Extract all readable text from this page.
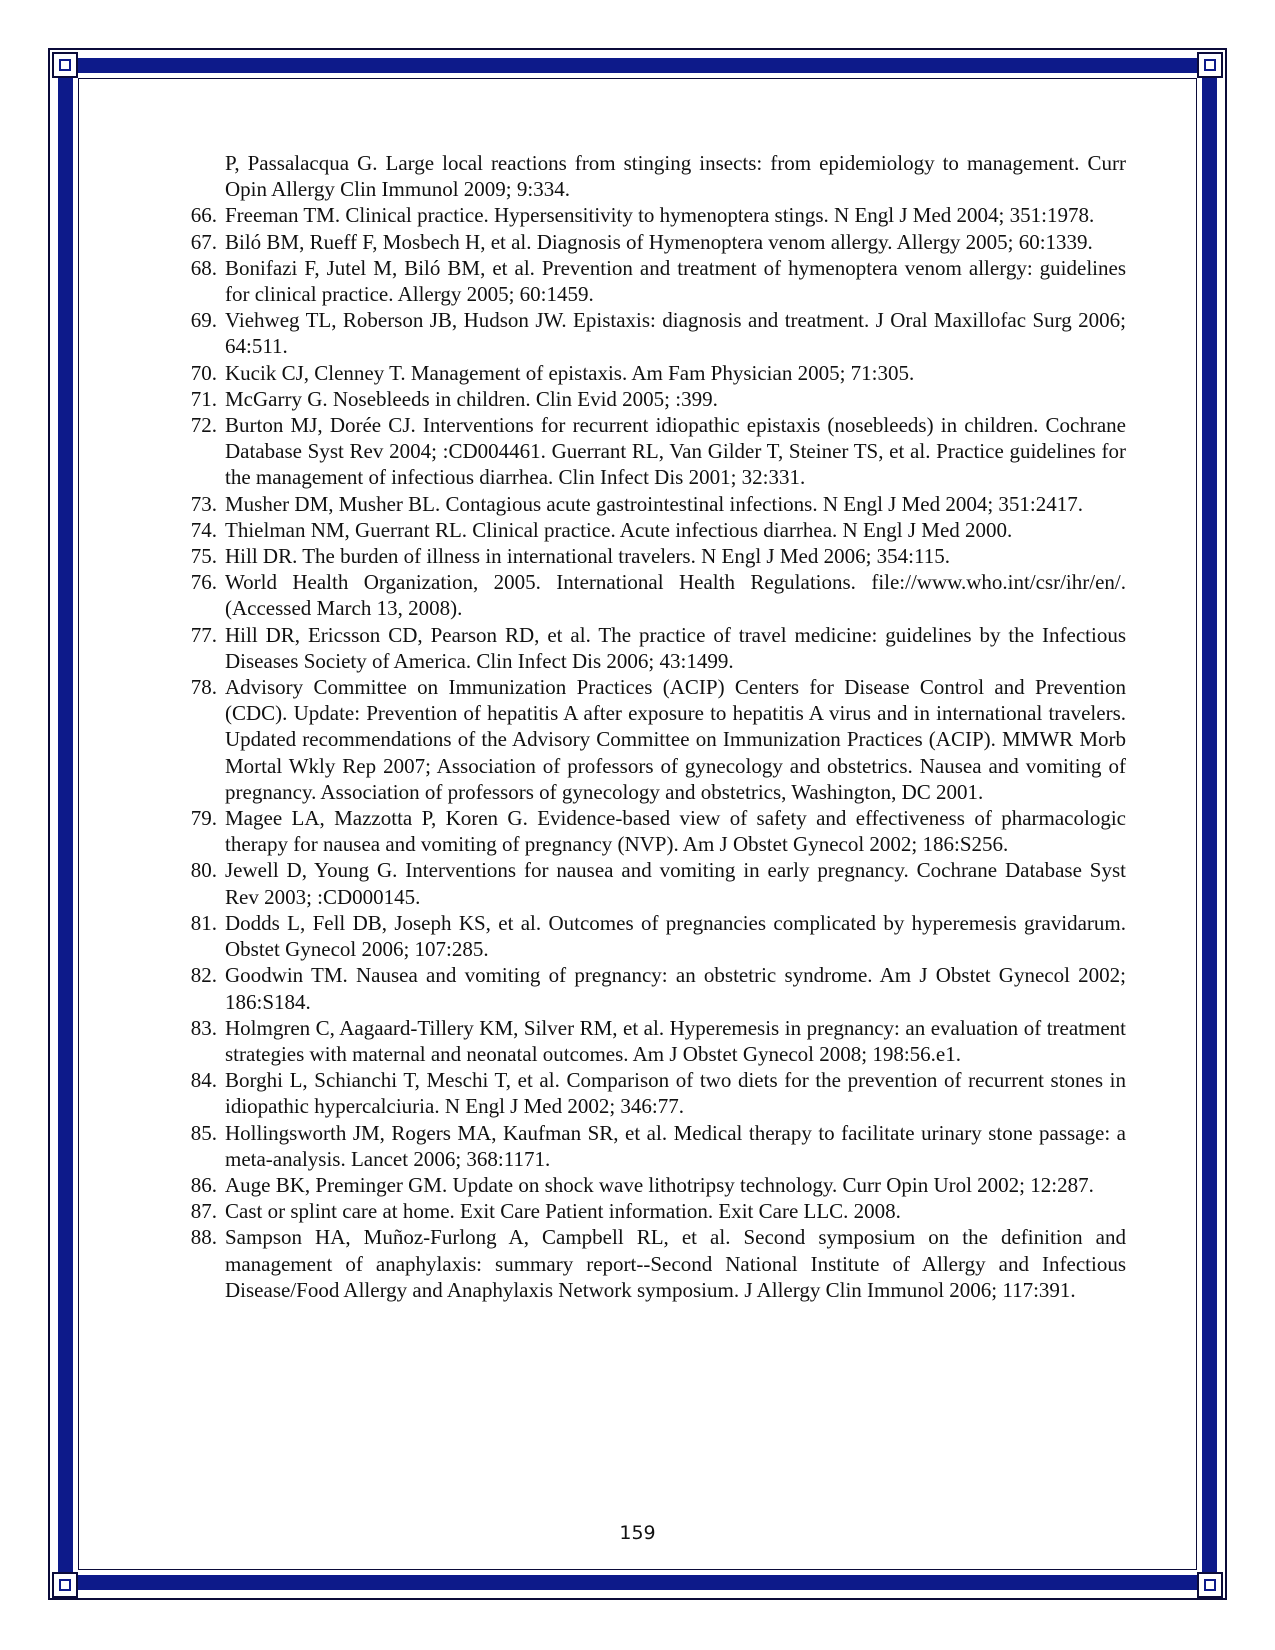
P, Passalacqua G. Large local reactions from stinging insects: from epidemiology to management. Curr Opin Allergy Clin Immunol 2009; 9:334.
66. Freeman TM. Clinical practice. Hypersensitivity to hymenoptera stings. N Engl J Med 2004; 351:1978.
67. Biló BM, Rueff F, Mosbech H, et al. Diagnosis of Hymenoptera venom allergy. Allergy 2005; 60:1339.
68. Bonifazi F, Jutel M, Biló BM, et al. Prevention and treatment of hymenoptera venom allergy: guidelines for clinical practice. Allergy 2005; 60:1459.
69. Viehweg TL, Roberson JB, Hudson JW. Epistaxis: diagnosis and treatment. J Oral Maxillofac Surg 2006; 64:511.
70. Kucik CJ, Clenney T. Management of epistaxis. Am Fam Physician 2005; 71:305.
71. McGarry G. Nosebleeds in children. Clin Evid 2005; :399.
72. Burton MJ, Dorée CJ. Interventions for recurrent idiopathic epistaxis (nosebleeds) in children. Cochrane Database Syst Rev 2004; :CD004461. Guerrant RL, Van Gilder T, Steiner TS, et al. Practice guidelines for the management of infectious diarrhea. Clin Infect Dis 2001; 32:331.
73. Musher DM, Musher BL. Contagious acute gastrointestinal infections. N Engl J Med 2004; 351:2417.
74. Thielman NM, Guerrant RL. Clinical practice. Acute infectious diarrhea. N Engl J Med 2000.
75. Hill DR. The burden of illness in international travelers. N Engl J Med 2006; 354:115.
76. World Health Organization, 2005. International Health Regulations. file://www.who.int/csr/ihr/en/. (Accessed March 13, 2008).
77. Hill DR, Ericsson CD, Pearson RD, et al. The practice of travel medicine: guidelines by the Infectious Diseases Society of America. Clin Infect Dis 2006; 43:1499.
78. Advisory Committee on Immunization Practices (ACIP) Centers for Disease Control and Prevention (CDC). Update: Prevention of hepatitis A after exposure to hepatitis A virus and in international travelers. Updated recommendations of the Advisory Committee on Immunization Practices (ACIP). MMWR Morb Mortal Wkly Rep 2007; Association of professors of gynecology and obstetrics. Nausea and vomiting of pregnancy. Association of professors of gynecology and obstetrics, Washington, DC 2001.
79. Magee LA, Mazzotta P, Koren G. Evidence-based view of safety and effectiveness of pharmacologic therapy for nausea and vomiting of pregnancy (NVP). Am J Obstet Gynecol 2002; 186:S256.
80. Jewell D, Young G. Interventions for nausea and vomiting in early pregnancy. Cochrane Database Syst Rev 2003; :CD000145.
81. Dodds L, Fell DB, Joseph KS, et al. Outcomes of pregnancies complicated by hyperemesis gravidarum. Obstet Gynecol 2006; 107:285.
82. Goodwin TM. Nausea and vomiting of pregnancy: an obstetric syndrome. Am J Obstet Gynecol 2002; 186:S184.
83. Holmgren C, Aagaard-Tillery KM, Silver RM, et al. Hyperemesis in pregnancy: an evaluation of treatment strategies with maternal and neonatal outcomes. Am J Obstet Gynecol 2008; 198:56.e1.
84. Borghi L, Schianchi T, Meschi T, et al. Comparison of two diets for the prevention of recurrent stones in idiopathic hypercalciuria. N Engl J Med 2002; 346:77.
85. Hollingsworth JM, Rogers MA, Kaufman SR, et al. Medical therapy to facilitate urinary stone passage: a meta-analysis. Lancet 2006; 368:1171.
86. Auge BK, Preminger GM. Update on shock wave lithotripsy technology. Curr Opin Urol 2002; 12:287.
87. Cast or splint care at home. Exit Care Patient information. Exit Care LLC. 2008.
88. Sampson HA, Muñoz-Furlong A, Campbell RL, et al. Second symposium on the definition and management of anaphylaxis: summary report--Second National Institute of Allergy and Infectious Disease/Food Allergy and Anaphylaxis Network symposium. J Allergy Clin Immunol 2006; 117:391.
159
